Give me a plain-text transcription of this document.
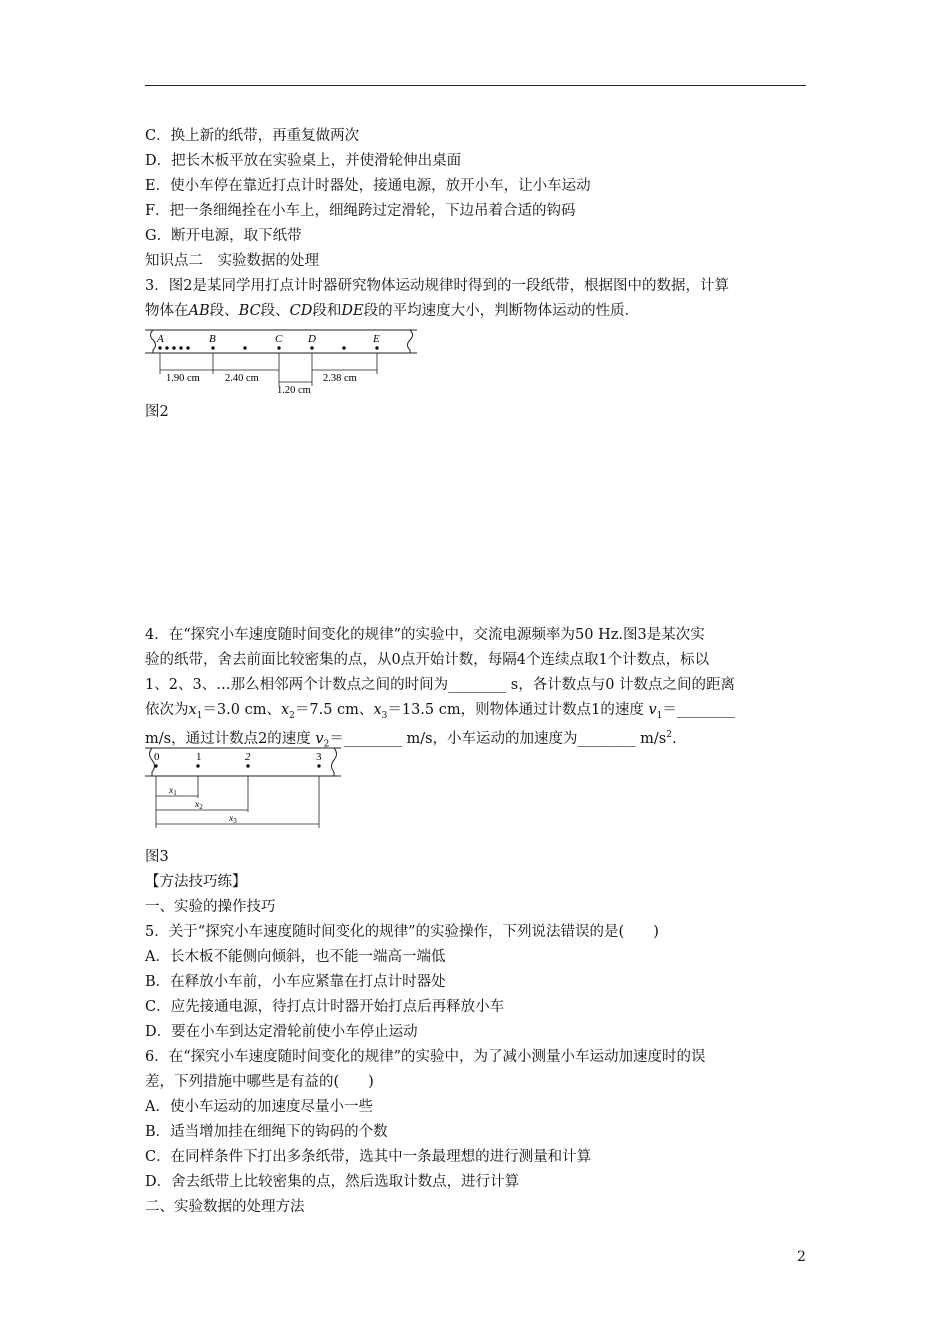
C．换上新的纸带，再重复做两次
D．把长木板平放在实验桌上，并使滑轮伸出桌面
E．使小车停在靠近打点计时器处，接通电源，放开小车，让小车运动
F．把一条细绳拴在小车上，细绳跨过定滑轮，下边吊着合适的钩码
G．断开电源，取下纸带
知识点二　实验数据的处理
3．图2是某同学用打点计时器研究物体运动规律时得到的一段纸带，根据图中的数据，计算
物体在AB段、BC段、CD段和DE段的平均速度大小，判断物体运动的性质．
A	B	C D	E
1.90 cm 2.40 cm
1.20 cm
2.38 cm
图2
4．在“探究小车速度随时间变化的规律”的实验中，交流电源频率为50 Hz.图3是某次实
验的纸带，舍去前面比较密集的点，从0点开始计数，每隔4个连续点取1个计数点，标以
1、2、3、…那么相邻两个计数点之间的时间为________ s，各计数点与0 计数点之间的距离
依次为$x_1=3.0$ cm、$x_2=7.5$ cm、$x_3=13.5$ cm，则物体通过计数点1的速度 $v_1=\_\_\_\_\_\_\_\_$
m/s，通过计数点2的速度 $v_2=\_\_\_\_\_\_\_\_$ m/s，小车运动的加速度为________ $m/s^2$.
0	1	2	3
$x_1$
$x_2$
$x_3$
图3
【方法技巧练】
一、实验的操作技巧
5．关于“探究小车速度随时间变化的规律”的实验操作，下列说法错误的是(　　)
A．长木板不能侧向倾斜，也不能一端高一端低
B．在释放小车前，小车应紧靠在打点计时器处
C．应先接通电源，待打点计时器开始打点后再释放小车
D．要在小车到达定滑轮前使小车停止运动
6．在“探究小车速度随时间变化的规律”的实验中，为了减小测量小车运动加速度时的误
差，下列措施中哪些是有益的(　　)
A．使小车运动的加速度尽量小一些
B．适当增加挂在细绳下的钩码的个数
C．在同样条件下打出多条纸带，选其中一条最理想的进行测量和计算
D．舍去纸带上比较密集的点，然后选取计数点，进行计算
二、实验数据的处理方法
2
